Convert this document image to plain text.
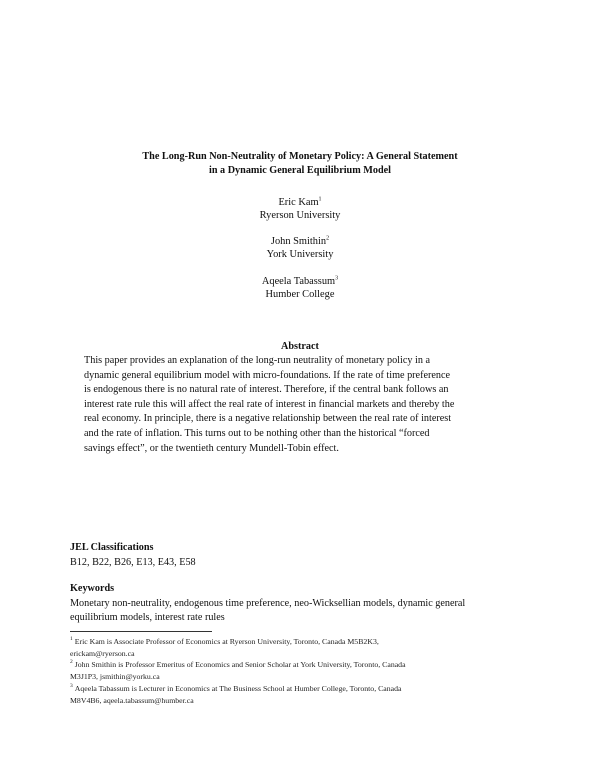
The Long-Run Non-Neutrality of Monetary Policy: A General Statement
in a Dynamic General Equilibrium Model
Eric Kam$^1$
Ryerson University
John Smithin$^2$
York University
Aqeela Tabassum$^3$
Humber College
Abstract
This paper provides an explanation of the long-run neutrality of monetary policy in a
dynamic general equilibrium model with micro-foundations. If the rate of time preference
is endogenous there is no natural rate of interest. Therefore, if the central bank follows an
interest rate rule this will affect the real rate of interest in financial markets and thereby the
real economy. In principle, there is a negative relationship between the real rate of interest
and the rate of inflation. This turns out to be nothing other than the historical “forced
savings effect”, or the twentieth century Mundell-Tobin effect.
JEL Classifications
B12, B22, B26, E13, E43, E58
Keywords
Monetary non-neutrality, endogenous time preference, neo-Wicksellian models, dynamic general
equilibrium models, interest rate rules
$^1$ Eric Kam is Associate Professor of Economics at Ryerson University, Toronto, Canada M5B2K3,
erickam@ryerson.ca
$^2$ John Smithin is Professor Emeritus of Economics and Senior Scholar at York University, Toronto, Canada
M3J1P3, jsmithin@yorku.ca
$^3$ Aqeela Tabassum is Lecturer in Economics at The Business School at Humber College, Toronto, Canada
M8V4B6, aqeela.tabassum@humber.ca
